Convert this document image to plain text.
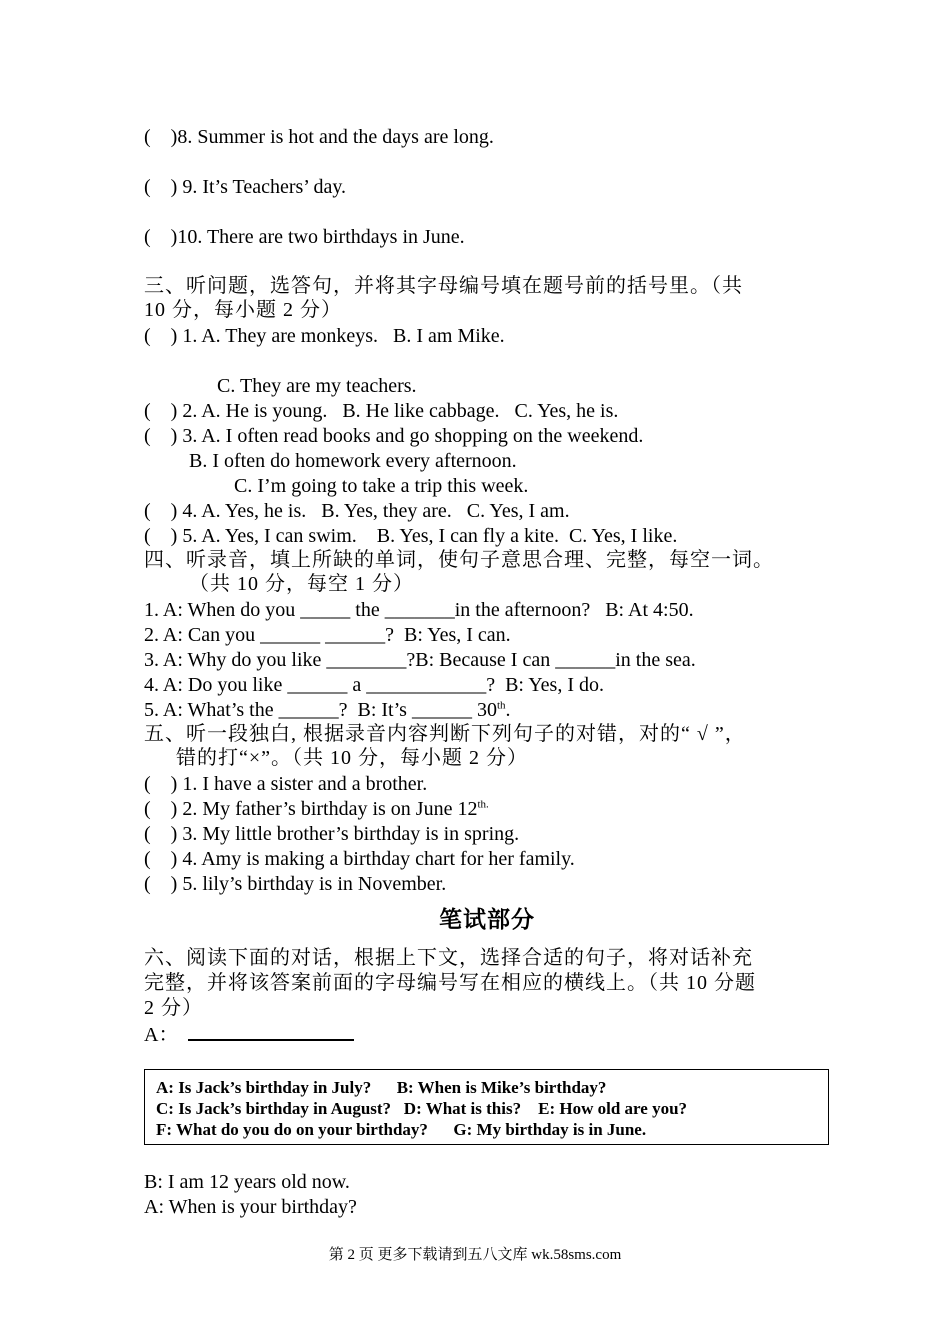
(    )8. Summer is hot and the days are long.
(    ) 9. It’s Teachers’ day.
(    )10. There are two birthdays in June.
三、听问题，选答句，并将其字母编号填在题号前的括号里。（共
10 分，每小题 2 分）
(    ) 1. A. They are monkeys.   B. I am Mike.
C. They are my teachers.
(    ) 2. A. He is young.   B. He like cabbage.   C. Yes, he is.
(    ) 3. A. I often read books and go shopping on the weekend.
B. I often do homework every afternoon.
C. I’m going to take a trip this week.
(    ) 4. A. Yes, he is.   B. Yes, they are.   C. Yes, I am.
(    ) 5. A. Yes, I can swim.    B. Yes, I can fly a kite.  C. Yes, I like.
四、听录音，填上所缺的单词，使句子意思合理、完整，每空一词。
（共 10 分，每空 1 分）
1. A: When do you _____ the _______in the afternoon?   B: At 4:50.
2. A: Can you ______ ______?  B: Yes, I can.
3. A: Why do you like ________?B: Because I can ______in the sea.
4. A: Do you like ______ a ____________?  B: Yes, I do.
5. A: What’s the ______?  B: It’s ______ 30th.
五、听一段独白, 根据录音内容判断下列句子的对错，对的“ √ ”，
错的打“×”。（共 10 分，每小题 2 分）
(    ) 1. I have a sister and a brother.
(    ) 2. My father’s birthday is on June $12^{th.}$
(    ) 3. My little brother’s birthday is in spring.
(    ) 4. Amy is making a birthday chart for her family.
(    ) 5. lily’s birthday is in November.
笔试部分
六、阅读下面的对话，根据上下文，选择合适的句子，将对话补充
完整，并将该答案前面的字母编号写在相应的横线上。（共 10 分题
2 分）
A：
A: Is Jack’s birthday in July?      B: When is Mike’s birthday?
C: Is Jack’s birthday in August?   D: What is this?    E: How old are you?
F: What do you do on your birthday?      G: My birthday is in June.
B: I am 12 years old now.
A: When is your birthday?
第 2 页 更多下载请到五八文库 wk.58sms.com
